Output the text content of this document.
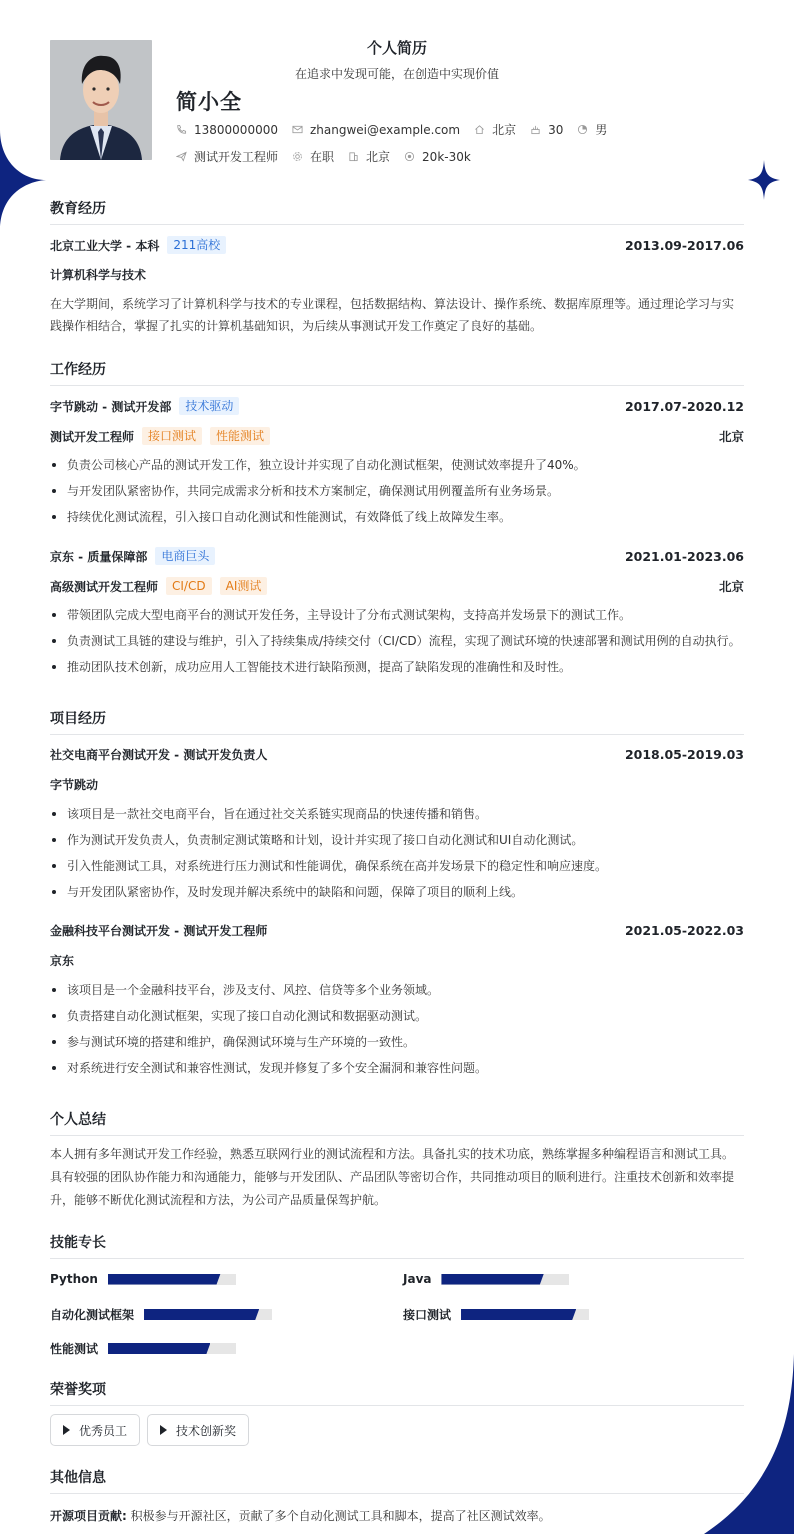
个人简历
在追求中发现可能，在创造中实现价值
简小全
13800000000	zhangwei@example.com	北京	30	男
测试开发工程师	在职	北京	20k-30k
教育经历
北京工业大学 - 本科	211高校	2013.09-2017.06
计算机科学与技术
在大学期间，系统学习了计算机科学与技术的专业课程，包括数据结构、算法设计、操作系统、数据库原理等。通过理论学习与实践操作相结合，掌握了扎实的计算机基础知识，为后续从事测试开发工作奠定了良好的基础。
工作经历
字节跳动 - 测试开发部	技术驱动	2017.07-2020.12
测试开发工程师	接口测试	性能测试	北京
负责公司核心产品的测试开发工作，独立设计并实现了自动化测试框架，使测试效率提升了40%。
与开发团队紧密协作，共同完成需求分析和技术方案制定，确保测试用例覆盖所有业务场景。
持续优化测试流程，引入接口自动化测试和性能测试，有效降低了线上故障发生率。
京东 - 质量保障部	电商巨头	2021.01-2023.06
高级测试开发工程师	CI/CD	AI测试	北京
带领团队完成大型电商平台的测试开发任务，主导设计了分布式测试架构，支持高并发场景下的测试工作。
负责测试工具链的建设与维护，引入了持续集成/持续交付（CI/CD）流程，实现了测试环境的快速部署和测试用例的自动执行。
推动团队技术创新，成功应用人工智能技术进行缺陷预测，提高了缺陷发现的准确性和及时性。
项目经历
社交电商平台测试开发 - 测试开发负责人	2018.05-2019.03
字节跳动
该项目是一款社交电商平台，旨在通过社交关系链实现商品的快速传播和销售。
作为测试开发负责人，负责制定测试策略和计划，设计并实现了接口自动化测试和UI自动化测试。
引入性能测试工具，对系统进行压力测试和性能调优，确保系统在高并发场景下的稳定性和响应速度。
与开发团队紧密协作，及时发现并解决系统中的缺陷和问题，保障了项目的顺利上线。
金融科技平台测试开发 - 测试开发工程师	2021.05-2022.03
京东
该项目是一个金融科技平台，涉及支付、风控、信贷等多个业务领域。
负责搭建自动化测试框架，实现了接口自动化测试和数据驱动测试。
参与测试环境的搭建和维护，确保测试环境与生产环境的一致性。
对系统进行安全测试和兼容性测试，发现并修复了多个安全漏洞和兼容性问题。
个人总结
本人拥有多年测试开发工作经验，熟悉互联网行业的测试流程和方法。具备扎实的技术功底，熟练掌握多种编程语言和测试工具。具有较强的团队协作能力和沟通能力，能够与开发团队、产品团队等密切合作，共同推动项目的顺利进行。注重技术创新和效率提升，能够不断优化测试流程和方法，为公司产品质量保驾护航。
技能专长
Python	Java
自动化测试框架	接口测试
性能测试
荣誉奖项
优秀员工	技术创新奖
其他信息
开源项目贡献: 积极参与开源社区，贡献了多个自动化测试工具和脚本，提高了社区测试效率。
